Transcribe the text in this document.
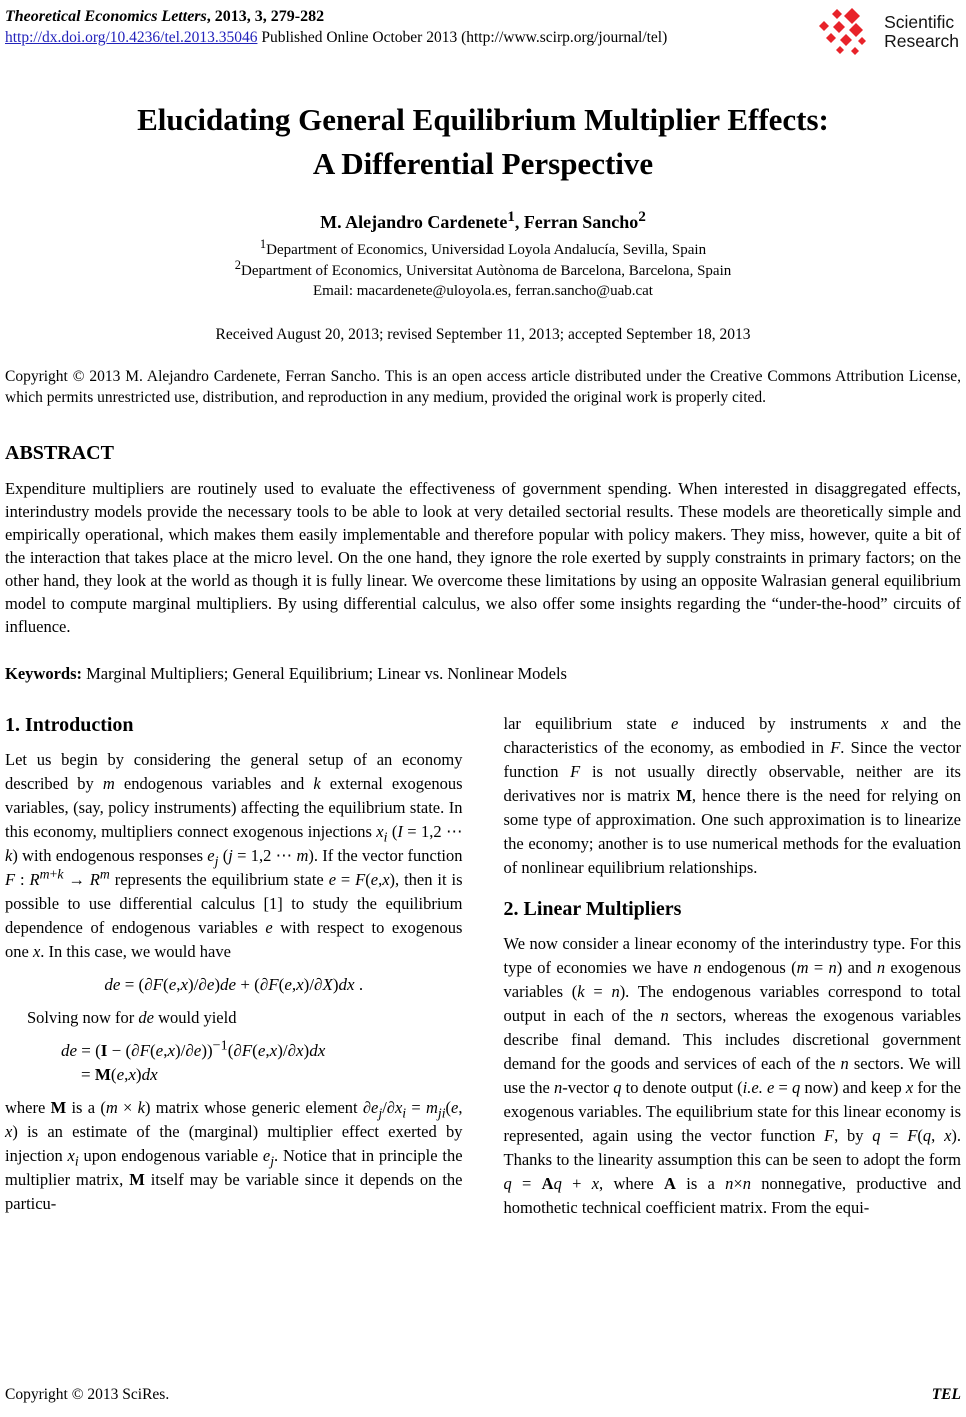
Theoretical Economics Letters, 2013, 3, 279-282
http://dx.doi.org/10.4236/tel.2013.35046 Published Online October 2013 (http://www.scirp.org/journal/tel)
Scientific
Research
Elucidating General Equilibrium Multiplier Effects:
A Differential Perspective
M. Alejandro Cardenete$^1$, Ferran Sancho$^2$
$^1$Department of Economics, Universidad Loyola Andalucía, Sevilla, Spain
$^2$Department of Economics, Universitat Autònoma de Barcelona, Barcelona, Spain
Email: macardenete@uloyola.es, ferran.sancho@uab.cat
Received August 20, 2013; revised September 11, 2013; accepted September 18, 2013

Copyright © 2013 M. Alejandro Cardenete, Ferran Sancho. This is an open access article distributed under the Creative Commons Attribution License, which permits unrestricted use, distribution, and reproduction in any medium, provided the original work is properly cited.

ABSTRACT

Expenditure multipliers are routinely used to evaluate the effectiveness of government spending. When interested in disaggregated effects, interindustry models provide the necessary tools to be able to look at very detailed sectorial results. These models are theoretically simple and empirically operational, which makes them easily implementable and therefore popular with policy makers. They miss, however, quite a bit of the interaction that takes place at the micro level. On the one hand, they ignore the role exerted by supply constraints in primary factors; on the other hand, they look at the world as though it is fully linear. We overcome these limitations by using an opposite Walrasian general equilibrium model to compute marginal multipliers. By using differential calculus, we also offer some insights regarding the “under-the-hood” circuits of influence.

Keywords: Marginal Multipliers; General Equilibrium; Linear vs. Nonlinear Models

1. Introduction

Let us begin by considering the general setup of an economy described by m endogenous variables and k external exogenous variables, (say, policy instruments) affecting the equilibrium state. In this economy, multipliers connect exogenous injections $x_i$ (I = 1,2 ⋯ k) with endogenous responses $e_j$ (j = 1,2 ⋯ m). If the vector function F : $R^{m+k} \to R^m$ represents the equilibrium state e = F(e,x), then it is possible to use differential calculus [1] to study the equilibrium dependence of endogenous variables e with respect to exogenous one x. In this case, we would have

de = (∂F(e,x)/∂e)de + (∂F(e,x)/∂X)dx .

Solving now for de would yield

de = $(I - (\partial F(e,x)/\partial e))^{-1}(\partial F(e,x)/\partial x)dx$
= M(e,x)dx

where M is a (m × k) matrix whose generic element $\partial e_j/\partial x_i = m_{ji}(e$, x) is an estimate of the (marginal) multiplier effect exerted by injection $x_i$ upon endogenous variable $e_j$. Notice that in principle the multiplier matrix, M itself may be variable since it depends on the particu-

lar equilibrium state e induced by instruments x and the characteristics of the economy, as embodied in F. Since the vector function F is not usually directly observable, neither are its derivatives nor is matrix M, hence there is the need for relying on some type of approximation. One such approximation is to linearize the economy; another is to use numerical methods for the evaluation of nonlinear equilibrium relationships.

2. Linear Multipliers

We now consider a linear economy of the interindustry type. For this type of economies we have n endogenous (m = n) and n exogenous variables (k = n). The endogenous variables correspond to total output in each of the n sectors, whereas the exogenous variables describe final demand. This includes discretional government demand for the goods and services of each of the n sectors. We will use the n-vector q to denote output (i.e. e = q now) and keep x for the exogenous variables. The equilibrium state for this linear economy is represented, again using the vector function F, by q = F(q, x). Thanks to the linearity assumption this can be seen to adopt the form q = Aq + x, where A is a n×n nonnegative, productive and homothetic technical coefficient matrix. From the equi-

Copyright © 2013 SciRes.	TEL
